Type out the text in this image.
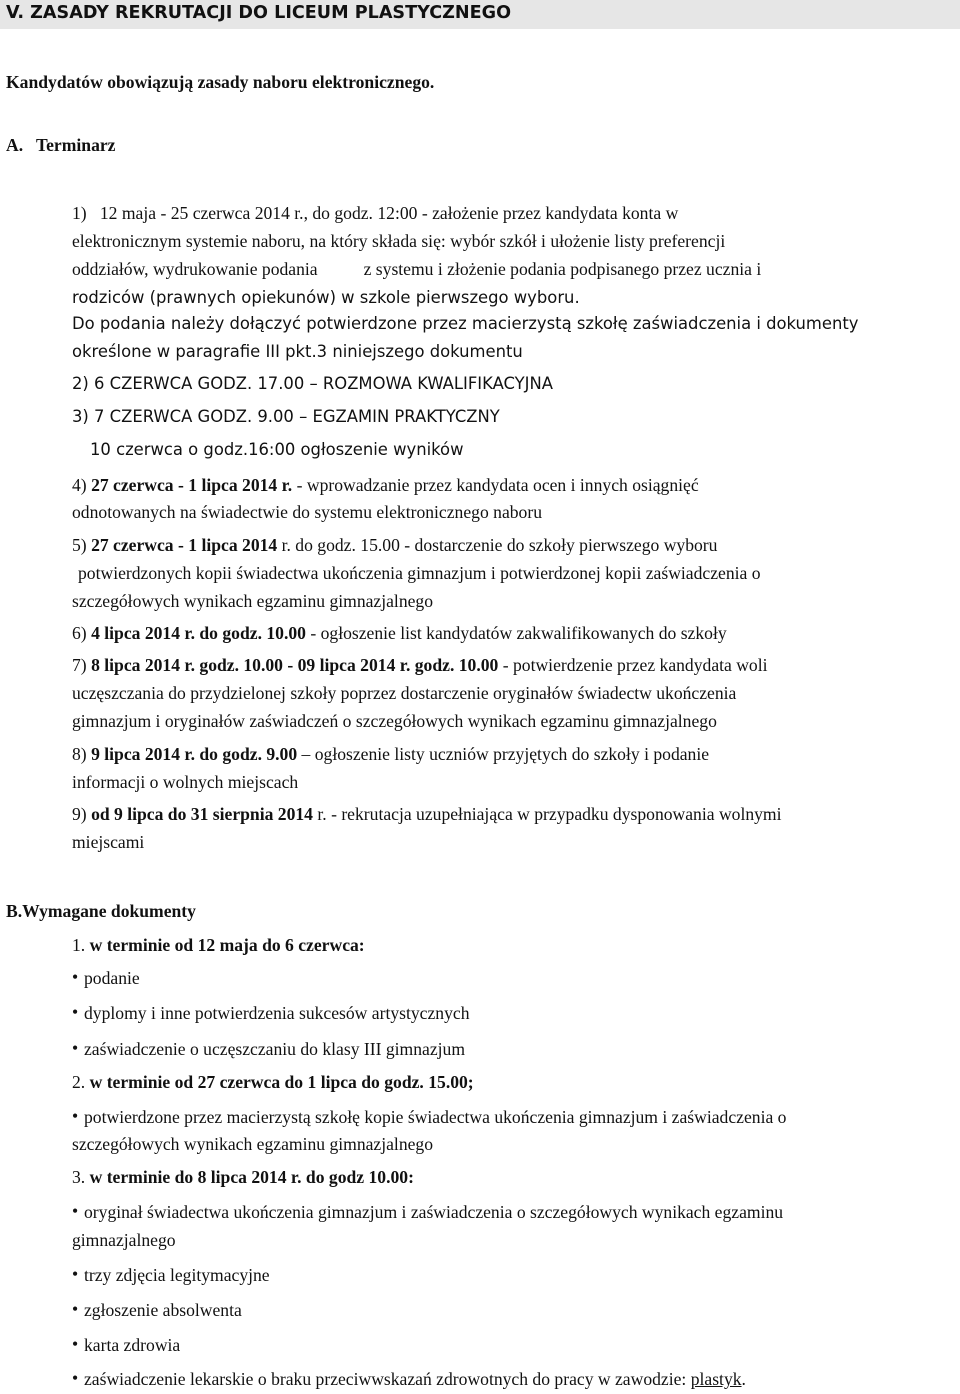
V. ZASADY REKRUTACJI DO LICEUM PLASTYCZNEGO
Kandydatów obowiązują zasady naboru elektronicznego.
A. Terminarz
1) 12 maja - 25 czerwca 2014 r., do godz. 12:00 - założenie przez kandydata konta w
elektronicznym systemie naboru, na który składa się: wybór szkół i ułożenie listy preferencji
oddziałów, wydrukowanie podania	z systemu i złożenie podania podpisanego przez ucznia i
rodziców (prawnych opiekunów) w szkole pierwszego wyboru.
Do podania należy dołączyć potwierdzone przez macierzystą szkołę zaświadczenia i dokumenty
określone w paragrafie III pkt.3 niniejszego dokumentu
2) 6 CZERWCA GODZ. 17.00 – ROZMOWA KWALIFIKACYJNA
3) 7 CZERWCA GODZ. 9.00 – EGZAMIN PRAKTYCZNY
10 czerwca o godz.16:00 ogłoszenie wyników
4) 27 czerwca - 1 lipca 2014 r. - wprowadzanie przez kandydata ocen i innych osiągnięć
odnotowanych na świadectwie do systemu elektronicznego naboru
5) 27 czerwca - 1 lipca 2014 r. do godz. 15.00 - dostarczenie do szkoły pierwszego wyboru
potwierdzonych kopii świadectwa ukończenia gimnazjum i potwierdzonej kopii zaświadczenia o
szczegółowych wynikach egzaminu gimnazjalnego
6) 4 lipca 2014 r. do godz. 10.00 - ogłoszenie list kandydatów zakwalifikowanych do szkoły
7) 8 lipca 2014 r. godz. 10.00 - 09 lipca 2014 r. godz. 10.00 - potwierdzenie przez kandydata woli
uczęszczania do przydzielonej szkoły poprzez dostarczenie oryginałów świadectw ukończenia
gimnazjum i oryginałów zaświadczeń o szczegółowych wynikach egzaminu gimnazjalnego
8) 9 lipca 2014 r. do godz. 9.00 – ogłoszenie listy uczniów przyjętych do szkoły i podanie
informacji o wolnych miejscach
9) od 9 lipca do 31 sierpnia 2014 r. - rekrutacja uzupełniająca w przypadku dysponowania wolnymi
miejscami
B.Wymagane dokumenty
1. w terminie od 12 maja do 6 czerwca:
• podanie
• dyplomy i inne potwierdzenia sukcesów artystycznych
• zaświadczenie o uczęszczaniu do klasy III gimnazjum
2. w terminie od 27 czerwca do 1 lipca do godz. 15.00;
• potwierdzone przez macierzystą szkołę kopie świadectwa ukończenia gimnazjum i zaświadczenia o
szczegółowych wynikach egzaminu gimnazjalnego
3. w terminie do 8 lipca 2014 r. do godz 10.00:
• oryginał świadectwa ukończenia gimnazjum i zaświadczenia o szczegółowych wynikach egzaminu
gimnazjalnego
• trzy zdjęcia legitymacyjne
• zgłoszenie absolwenta
• karta zdrowia
• zaświadczenie lekarskie o braku przeciwwskazań zdrowotnych do pracy w zawodzie: plastyk.
